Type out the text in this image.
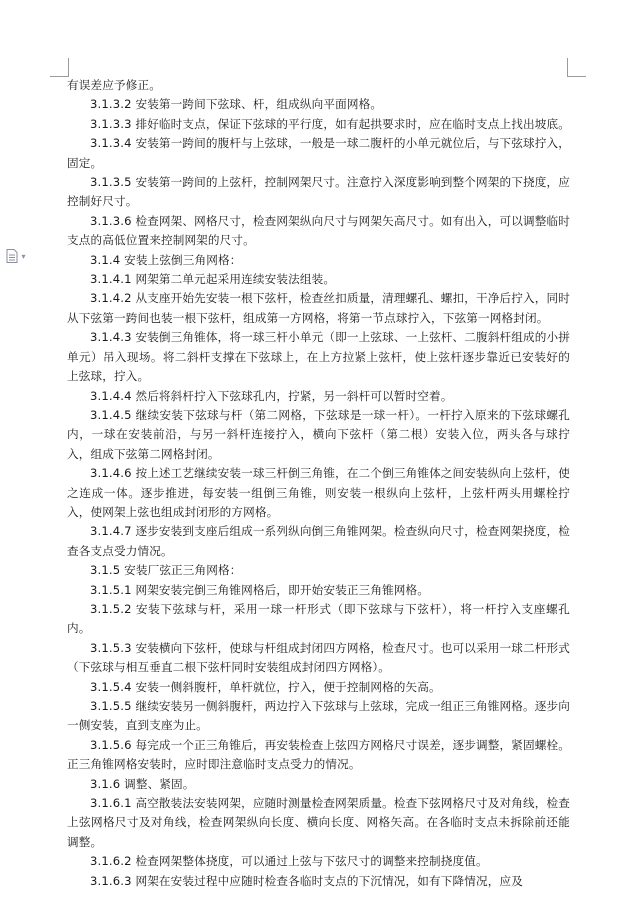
▾

有误差应予修正。

3.1.3.2 安装第一跨间下弦球、杆，组成纵向平面网格。

3.1.3.3 排好临时支点，保证下弦球的平行度，如有起拱要求时，应在临时支点上找出坡底。

3.1.3.4 安装第一跨间的腹杆与上弦球，一般是一球二腹杆的小单元就位后，与下弦球拧入，固定。

3.1.3.5 安装第一跨间的上弦杆，控制网架尺寸。注意拧入深度影响到整个网架的下挠度，应控制好尺寸。

3.1.3.6 检查网架、网格尺寸，检查网架纵向尺寸与网架矢高尺寸。如有出入，可以调整临时支点的高低位置来控制网架的尺寸。

3.1.4 安装上弦倒三角网格：

3.1.4.1 网架第二单元起采用连续安装法组装。

3.1.4.2 从支座开始先安装一根下弦杆，检查丝扣质量，清理螺孔、螺扣，干净后拧入，同时从下弦第一跨间也装一根下弦杆，组成第一方网格，将第一节点球拧入，下弦第一网格封闭。

3.1.4.3 安装倒三角锥体，将一球三杆小单元（即一上弦球、一上弦杆、二腹斜杆组成的小拼单元）吊入现场。将二斜杆支撑在下弦球上，在上方拉紧上弦杆，使上弦杆逐步靠近已安装好的上弦球，拧入。

3.1.4.4 然后将斜杆拧入下弦球孔内，拧紧，另一斜杆可以暂时空着。

3.1.4.5 继续安装下弦球与杆（第二网格，下弦球是一球一杆）。一杆拧入原来的下弦球螺孔内，一球在安装前沿，与另一斜杆连接拧入，横向下弦杆（第二根）安装入位，两头各与球拧入，组成下弦第二网格封闭。

3.1.4.6 按上述工艺继续安装一球三杆倒三角锥，在二个倒三角锥体之间安装纵向上弦杆，使之连成一体。逐步推进，每安装一组倒三角锥，则安装一根纵向上弦杆，上弦杆两头用螺栓拧入，使网架上弦也组成封闭形的方网格。

3.1.4.7 逐步安装到支座后组成一系列纵向倒三角锥网架。检查纵向尺寸，检查网架挠度，检查各支点受力情况。

3.1.5 安装厂弦正三角网格：

3.1.5.1 网架安装完倒三角锥网格后，即开始安装正三角锥网格。

3.1.5.2 安装下弦球与杆，采用一球一杆形式（即下弦球与下弦杆），将一杆拧入支座螺孔内。

3.1.5.3 安装横向下弦杆，使球与杆组成封闭四方网格，检查尺寸。也可以采用一球二杆形式（下弦球与相互垂直二根下弦杆同时安装组成封闭四方网格）。

3.1.5.4 安装一侧斜腹杆，单杆就位，拧入，便于控制网格的矢高。

3.1.5.5 继续安装另一侧斜腹杆，两边拧入下弦球与上弦球，完成一组正三角锥网格。逐步向一侧安装，直到支座为止。

3.1.5.6 每完成一个正三角锥后，再安装检查上弦四方网格尺寸误差，逐步调整，紧固螺栓。正三角锥网格安装时，应时即注意临时支点受力的情况。

3.1.6 调整、紧固。

3.1.6.1 高空散装法安装网架，应随时测量检查网架质量。检查下弦网格尺寸及对角线，检查上弦网格尺寸及对角线，检查网架纵向长度、横向长度、网格矢高。在各临时支点未拆除前还能调整。

3.1.6.2 检查网架整体挠度，可以通过上弦与下弦尺寸的调整来控制挠度值。

3.1.6.3 网架在安装过程中应随时检查各临时支点的下沉情况，如有下降情况，应及
